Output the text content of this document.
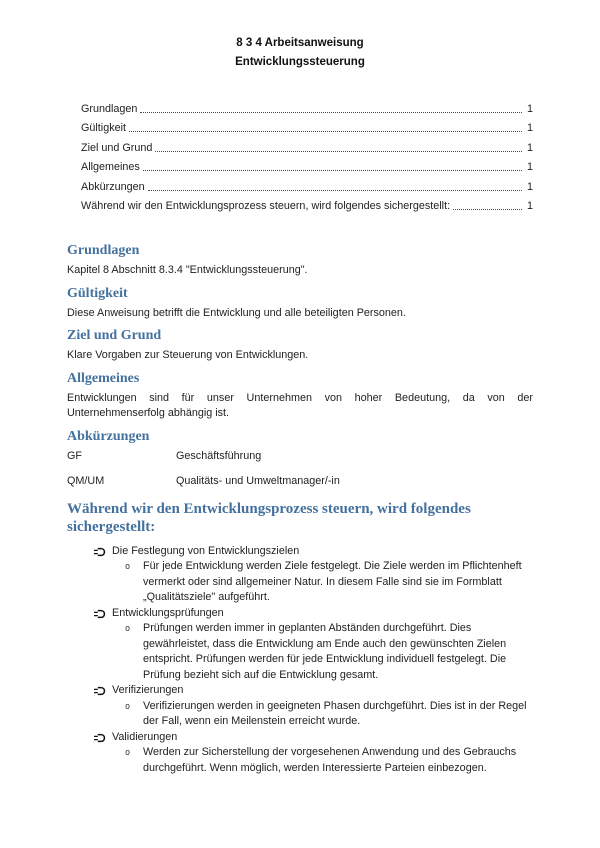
8 3 4 Arbeitsanweisung
Entwicklungssteuerung
Grundlagen	1
Gültigkeit	1
Ziel und Grund	1
Allgemeines	1
Abkürzungen	1
Während wir den Entwicklungsprozess steuern, wird folgendes sichergestellt:	1
Grundlagen

Kapitel 8 Abschnitt 8.3.4 "Entwicklungssteuerung".

Gültigkeit

Diese Anweisung betrifft die Entwicklung und alle beteiligten Personen.

Ziel und Grund

Klare Vorgaben zur Steuerung von Entwicklungen.

Allgemeines

Entwicklungen sind für unser Unternehmen von hoher Bedeutung, da von der Unternehmenserfolg abhängig ist.

Abkürzungen
GF	Geschäftsführung
QM/UM	Qualitäts- und Umweltmanager/-in
Während wir den Entwicklungsprozess steuern, wird folgendes sichergestellt:
Die Festlegung von Entwicklungszielen
o Für jede Entwicklung werden Ziele festgelegt. Die Ziele werden im Pflichtenheft vermerkt oder sind allgemeiner Natur. In diesem Falle sind sie im Formblatt „Qualitätsziele" aufgeführt.
Entwicklungsprüfungen
o Prüfungen werden immer in geplanten Abständen durchgeführt. Dies gewährleistet, dass die Entwicklung am Ende auch den gewünschten Zielen entspricht. Prüfungen werden für jede Entwicklung individuell festgelegt. Die Prüfung bezieht sich auf die Entwicklung gesamt.
Verifizierungen
o Verifizierungen werden in geeigneten Phasen durchgeführt. Dies ist in der Regel der Fall, wenn ein Meilenstein erreicht wurde.
Validierungen
o Werden zur Sicherstellung der vorgesehenen Anwendung und des Gebrauchs durchgeführt. Wenn möglich, werden Interessierte Parteien einbezogen.
